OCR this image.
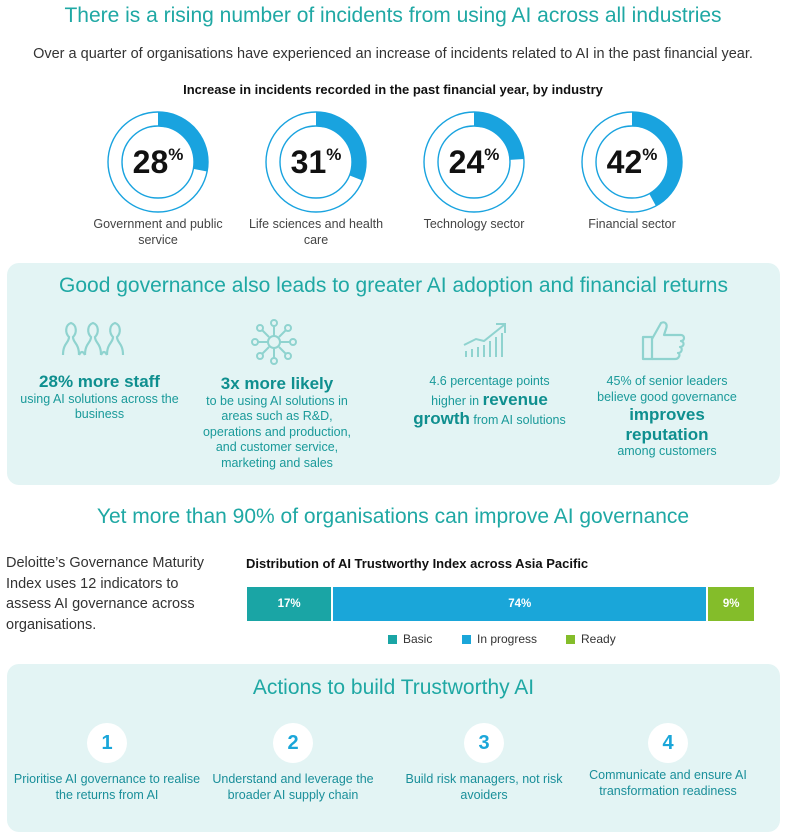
There is a rising number of incidents from using AI across all industries
Over a quarter of organisations have experienced an increase of incidents related to AI in the past financial year.
Increase in incidents recorded in the past financial year, by industry
28%
Government and public service
31%
Life sciences and health care
24%
Technology sector
42%
Financial sector
Good governance also leads to greater AI adoption and financial returns
28% more staff
using AI solutions across the business
3x more likely
to be using AI solutions in areas such as R&D, operations and production, and customer service, marketing and sales
4.6 percentage points higher in revenue growth from AI solutions
45% of senior leaders believe good governance
improves reputation
among customers
Yet more than 90% of organisations can improve AI governance
Deloitte’s Governance Maturity Index uses 12 indicators to assess AI governance across organisations.
Distribution of AI Trustworthy Index across Asia Pacific
17%	74%	9%
Basic	In progress	Ready
Actions to build Trustworthy AI
1
Prioritise AI governance to realise the returns from AI
2
Understand and leverage the broader AI supply chain
3
Build risk managers, not risk avoiders
4
Communicate and ensure AI transformation readiness
